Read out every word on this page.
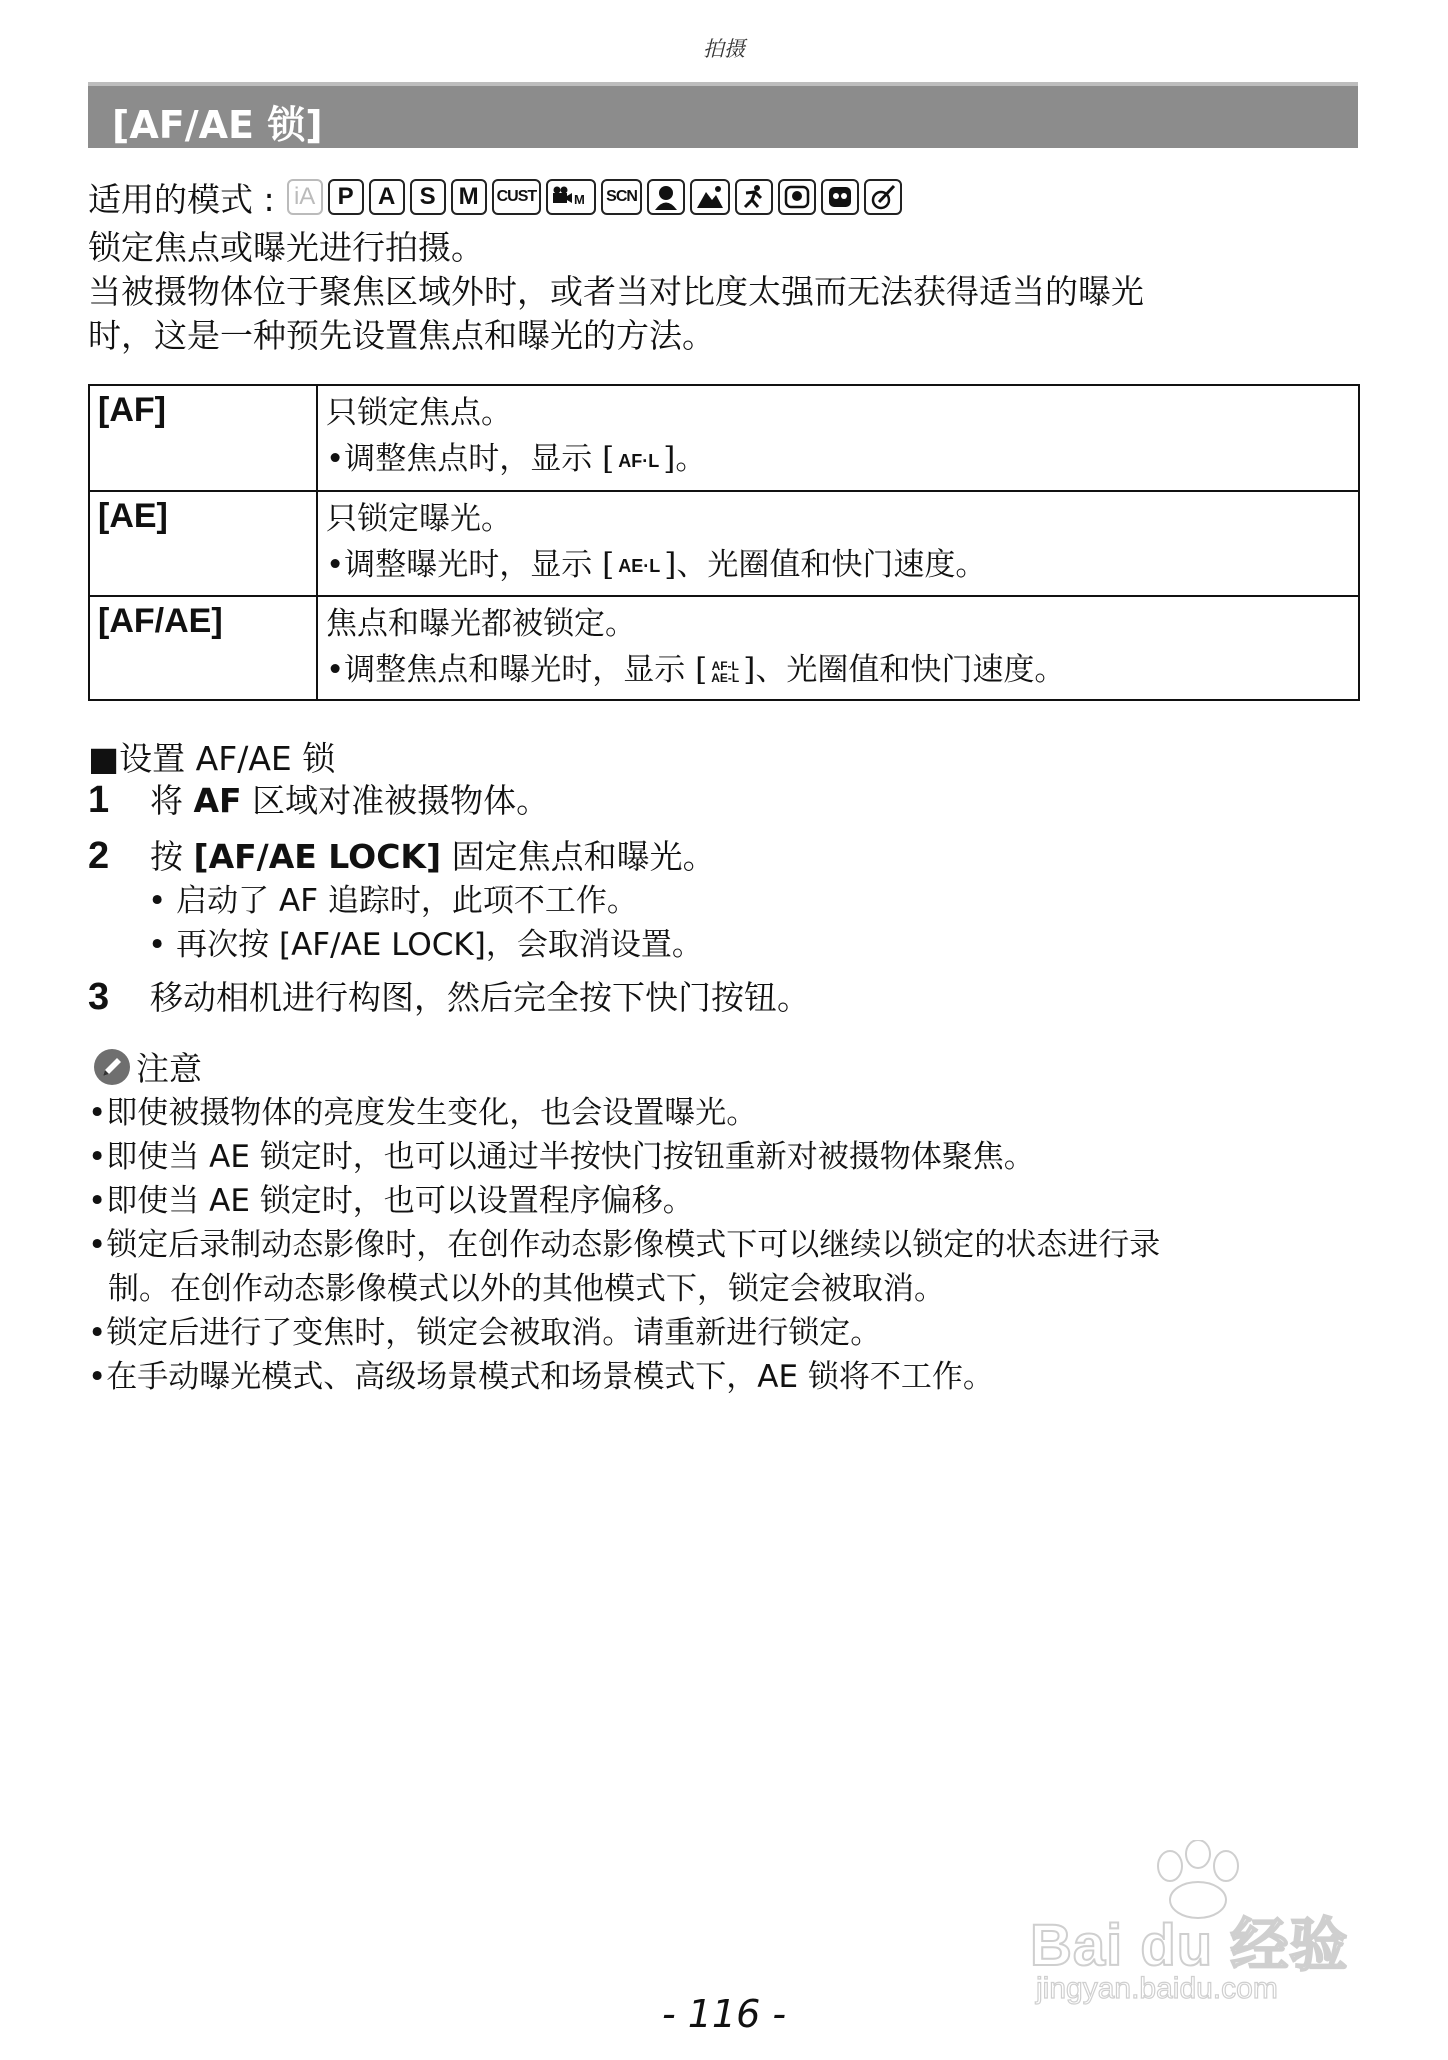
拍摄
[AF/AE 锁]
适用的模式 : iA P	A	S M	CUST	M	SCN
锁定焦点或曝光进行拍摄。
当被摄物体位于聚焦区域外时，或者当对比度太强而无法获得适当的曝光
时，这是一种预先设置焦点和曝光的方法。
[AF]	只锁定焦点。
•调整焦点时，显示 [ AF·L ]。

[AE]	只锁定曝光。
•调整曝光时，显示 [ AE·L ]、光圈值和快门速度。

[AF/AE]	焦点和曝光都被锁定。
•调整焦点和曝光时，显示 [ AF-L
AE-L ]、光圈值和快门速度。
■设置 AF/AE 锁
1 将 AF 区域对准被摄物体。
2 按 [AF/AE LOCK] 固定焦点和曝光。
• 启动了 AF 追踪时，此项不工作。
• 再次按 [AF/AE LOCK]，会取消设置。
3 移动相机进行构图，然后完全按下快门按钮。
注意
•即使被摄物体的亮度发生变化，也会设置曝光。
•即使当 AE 锁定时，也可以通过半按快门按钮重新对被摄物体聚焦。
•即使当 AE 锁定时，也可以设置程序偏移。
•锁定后录制动态影像时，在创作动态影像模式下可以继续以锁定的状态进行录
制。在创作动态影像模式以外的其他模式下，锁定会被取消。
•锁定后进行了变焦时，锁定会被取消。请重新进行锁定。
•在手动曝光模式、高级场景模式和场景模式下，AE 锁将不工作。
Bai du 经验
jingyan.baidu.com
- 116 -
